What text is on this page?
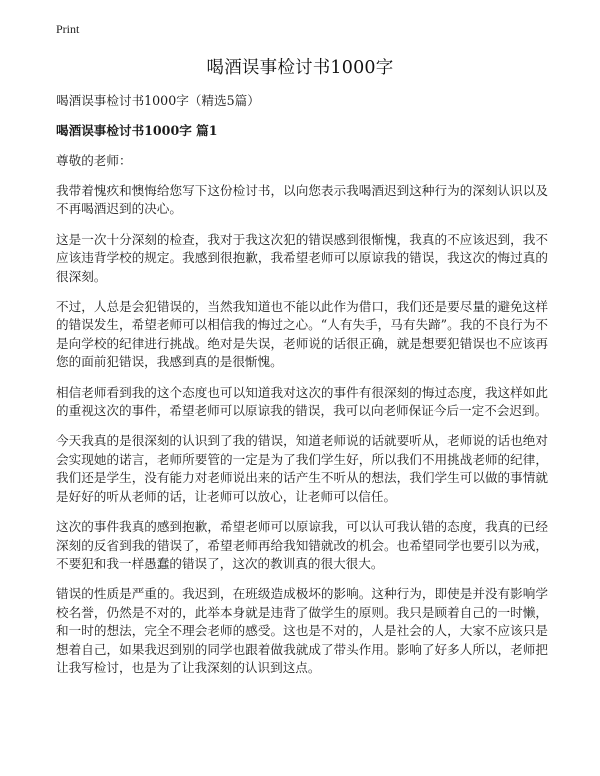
Print
喝酒误事检讨书1000字

喝酒误事检讨书1000字（精选5篇）

喝酒误事检讨书1000字 篇1

尊敬的老师：

我带着愧疚和懊悔给您写下这份检讨书，以向您表示我喝酒迟到这种行为的深刻认识以及不再喝酒迟到的决心。

这是一次十分深刻的检查，我对于我这次犯的错误感到很惭愧，我真的不应该迟到，我不应该违背学校的规定。我感到很抱歉，我希望老师可以原谅我的错误，我这次的悔过真的很深刻。

不过，人总是会犯错误的，当然我知道也不能以此作为借口，我们还是要尽量的避免这样的错误发生，希望老师可以相信我的悔过之心。“人有失手，马有失蹄”。我的不良行为不是向学校的纪律进行挑战。绝对是失误，老师说的话很正确，就是想要犯错误也不应该再您的面前犯错误，我感到真的是很惭愧。

相信老师看到我的这个态度也可以知道我对这次的事件有很深刻的悔过态度，我这样如此的重视这次的事件，希望老师可以原谅我的错误，我可以向老师保证今后一定不会迟到。

今天我真的是很深刻的认识到了我的错误，知道老师说的话就要听从，老师说的话也绝对会实现她的诺言，老师所要管的一定是为了我们学生好，所以我们不用挑战老师的纪律，我们还是学生，没有能力对老师说出来的话产生不听从的想法，我们学生可以做的事情就是好好的听从老师的话，让老师可以放心，让老师可以信任。

这次的事件我真的感到抱歉，希望老师可以原谅我，可以认可我认错的态度，我真的已经深刻的反省到我的错误了，希望老师再给我知错就改的机会。也希望同学也要引以为戒，不要犯和我一样愚蠢的错误了，这次的教训真的很大很大。

错误的性质是严重的。我迟到，在班级造成极坏的影响。这种行为，即使是并没有影响学校名誉，仍然是不对的，此举本身就是违背了做学生的原则。我只是顾着自己的一时懒，和一时的想法，完全不理会老师的感受。这也是不对的，人是社会的人，大家不应该只是想着自己，如果我迟到别的同学也跟着做我就成了带头作用。影响了好多人所以，老师把让我写检讨，也是为了让我深刻的认识到这点。
